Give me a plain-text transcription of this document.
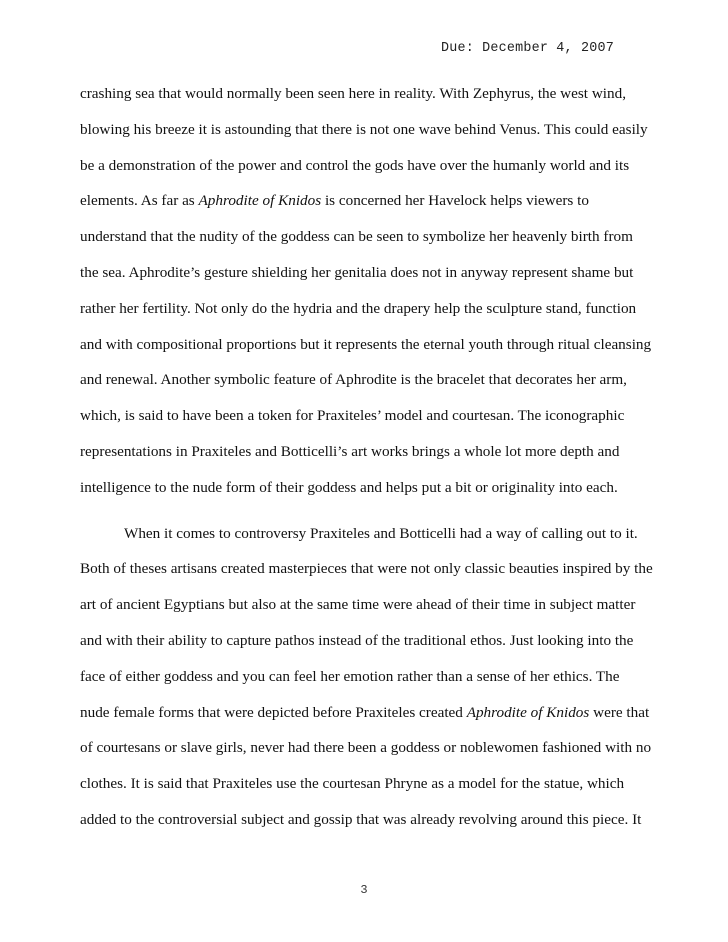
Due: December 4, 2007
crashing sea that would normally been seen here in reality. With Zephyrus, the west wind,
blowing his breeze it is astounding that there is not one wave behind Venus. This could easily
be a demonstration of the power and control the gods have over the humanly world and its
elements. As far as Aphrodite of Knidos is concerned her Havelock helps viewers to
understand that the nudity of the goddess can be seen to symbolize her heavenly birth from
the sea. Aphrodite’s gesture shielding her genitalia does not in anyway represent shame but
rather her fertility. Not only do the hydria and the drapery help the sculpture stand, function
and with compositional proportions but it represents the eternal youth through ritual cleansing
and renewal. Another symbolic feature of Aphrodite is the bracelet that decorates her arm,
which, is said to have been a token for Praxiteles’ model and courtesan. The iconographic
representations in Praxiteles and Botticelli’s art works brings a whole lot more depth and
intelligence to the nude form of their goddess and helps put a bit or originality into each.
When it comes to controversy Praxiteles and Botticelli had a way of calling out to it.
Both of theses artisans created masterpieces that were not only classic beauties inspired by the
art of ancient Egyptians but also at the same time were ahead of their time in subject matter
and with their ability to capture pathos instead of the traditional ethos. Just looking into the
face of either goddess and you can feel her emotion rather than a sense of her ethics. The
nude female forms that were depicted before Praxiteles created Aphrodite of Knidos were that
of courtesans or slave girls, never had there been a goddess or noblewomen fashioned with no
clothes. It is said that Praxiteles use the courtesan Phryne as a model for the statue, which
added to the controversial subject and gossip that was already revolving around this piece. It
3
